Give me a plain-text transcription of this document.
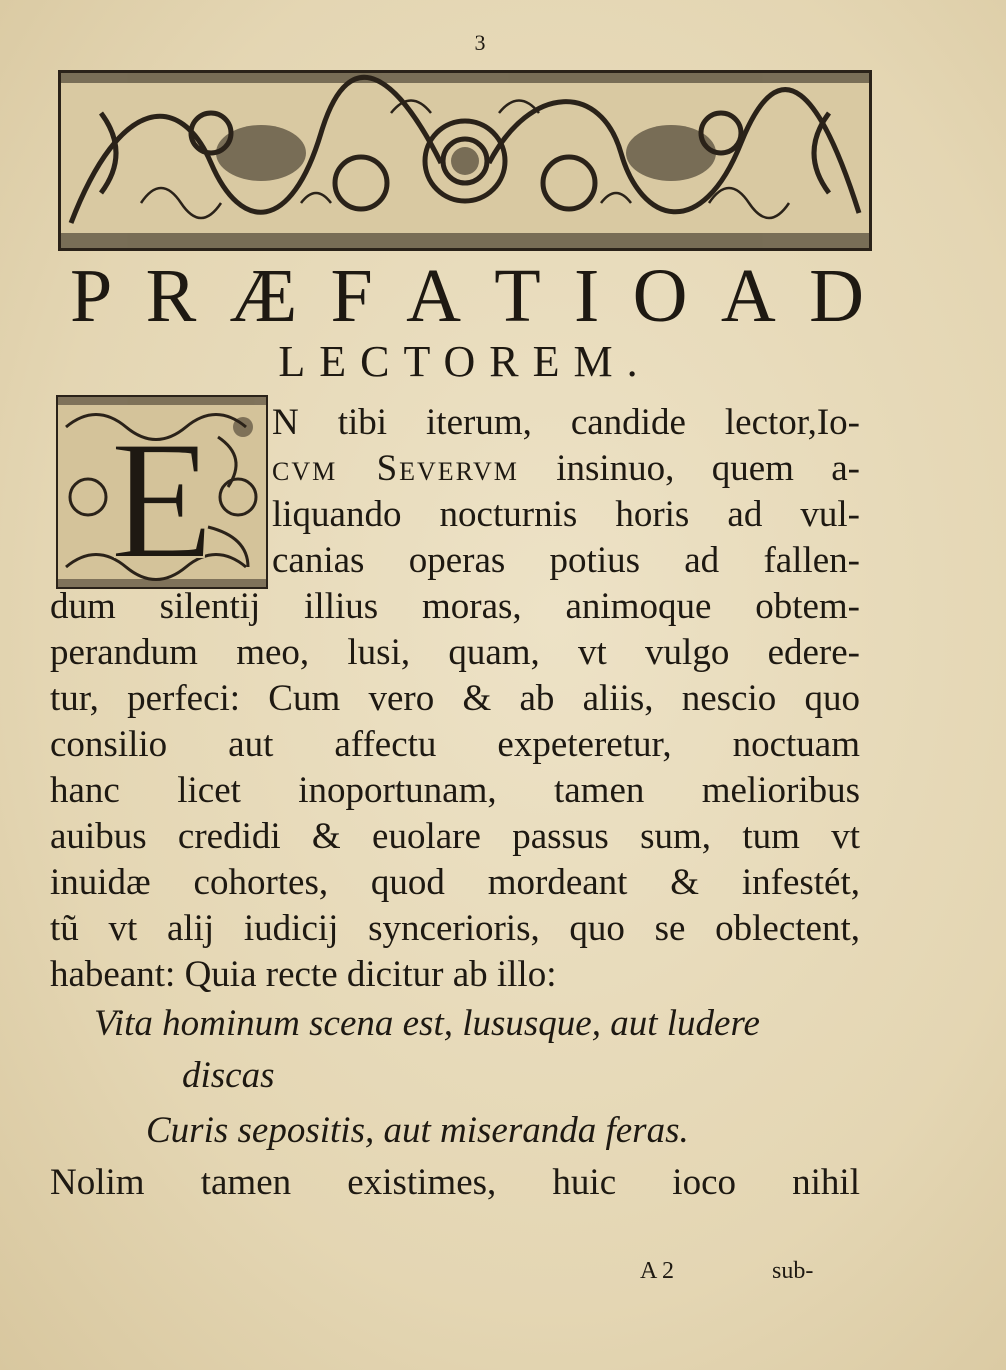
3
P R Æ F A T I O A D
LECTOREM.
E	N tibi iterum, candide lector,Io-
cvm Severvm insinuo, quem a-
liquando nocturnis horis ad vul-
canias operas potius ad fallen-
dum silentij illius moras, animoque obtem-
perandum meo, lusi, quam, vt vulgo edere-
tur, perfeci: Cum vero & ab aliis, nescio quo
consilio aut affectu expeteretur, noctuam
hanc licet inoportunam, tamen melioribus
auibus credidi & euolare passus sum, tum vt
inuidæ cohortes, quod mordeant & infestét,
tũ vt alij iudicij syncerioris, quo se oblectent,
habeant: Quia recte dicitur ab illo:
Vita hominum scena est, lususque, aut ludere
discas
Curis sepositis, aut miseranda feras.
Nolim tamen existimes, huic ioco nihil
A 2	sub-
